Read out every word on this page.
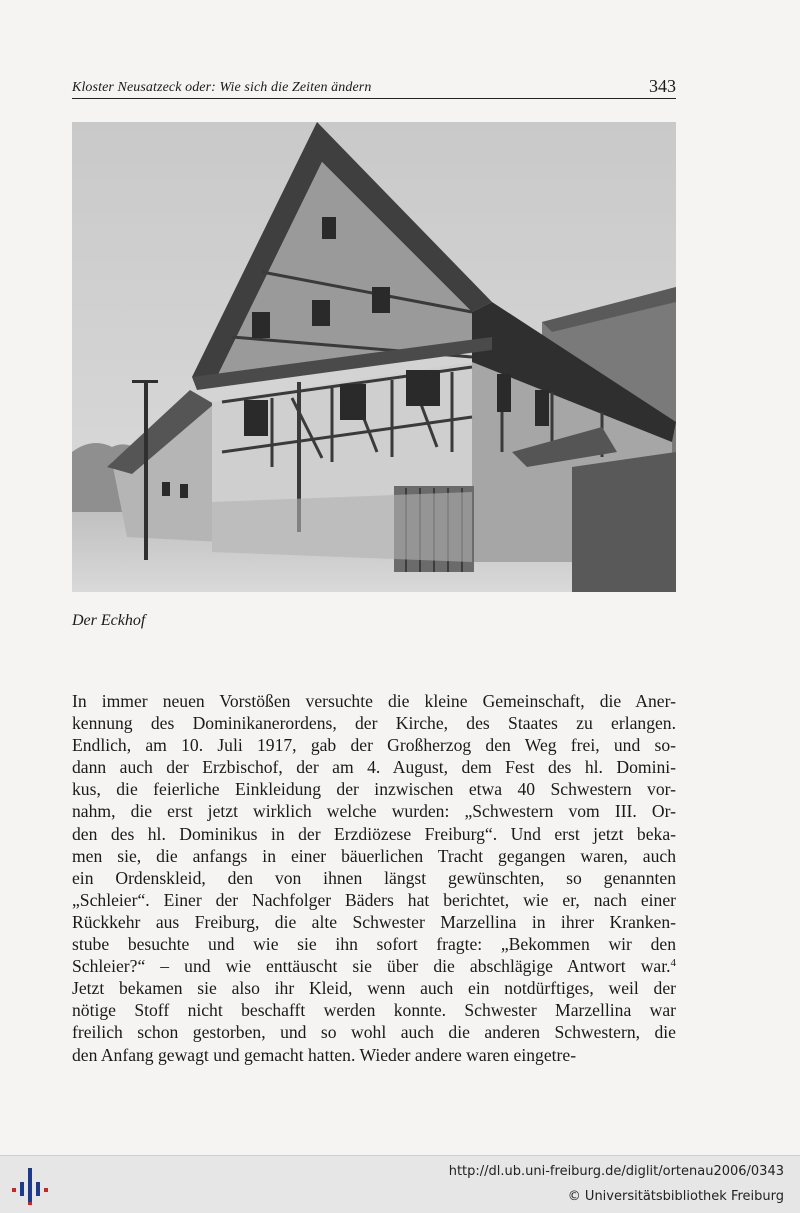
Kloster Neusatzeck oder: Wie sich die Zeiten ändern	343
Der Eckhof
In immer neuen Vorstößen versuchte die kleine Gemeinschaft, die Aner-
kennung des Dominikanerordens, der Kirche, des Staates zu erlangen.
Endlich, am 10. Juli 1917, gab der Großherzog den Weg frei, und so-
dann auch der Erzbischof, der am 4. August, dem Fest des hl. Domini-
kus, die feierliche Einkleidung der inzwischen etwa 40 Schwestern vor-
nahm, die erst jetzt wirklich welche wurden: „Schwestern vom III. Or-
den des hl. Dominikus in der Erzdiözese Freiburg“. Und erst jetzt beka-
men sie, die anfangs in einer bäuerlichen Tracht gegangen waren, auch
ein Ordenskleid, den von ihnen längst gewünschten, so genannten
„Schleier“. Einer der Nachfolger Bäders hat berichtet, wie er, nach einer
Rückkehr aus Freiburg, die alte Schwester Marzellina in ihrer Kranken-
stube besuchte und wie sie ihn sofort fragte: „Bekommen wir den
Schleier?“ – und wie enttäuscht sie über die abschlägige Antwort war.$^4$
Jetzt bekamen sie also ihr Kleid, wenn auch ein notdürftiges, weil der
nötige Stoff nicht beschafft werden konnte. Schwester Marzellina war
freilich schon gestorben, und so wohl auch die anderen Schwestern, die
den Anfang gewagt und gemacht hatten. Wieder andere waren eingetre-
http://dl.ub.uni-freiburg.de/diglit/ortenau2006/0343
© Universitätsbibliothek Freiburg
